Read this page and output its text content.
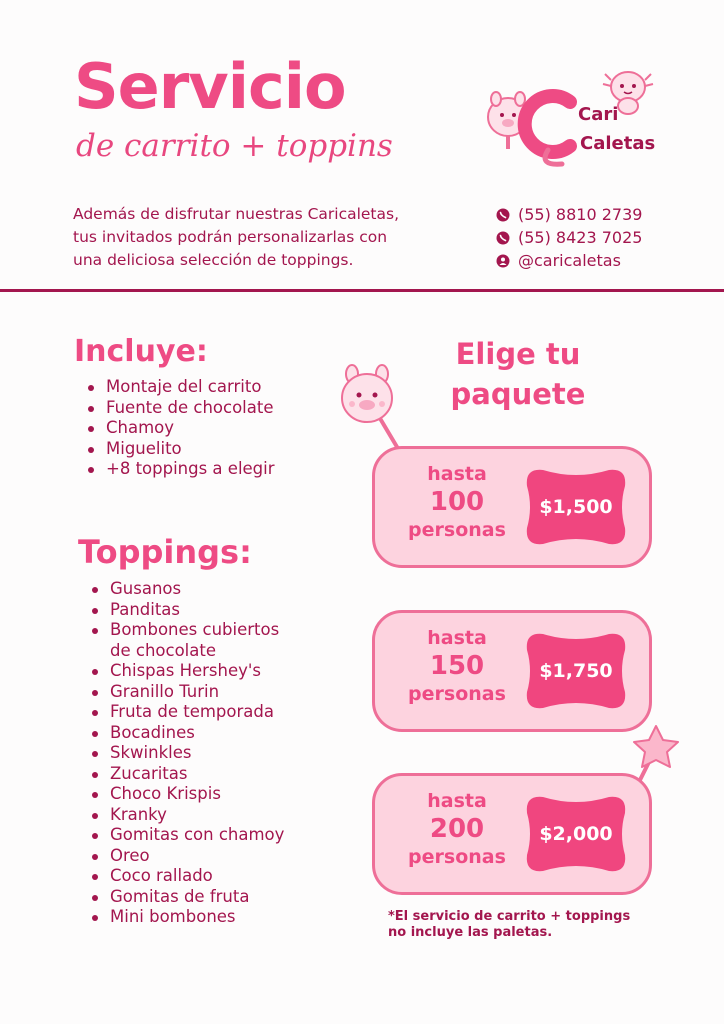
Servicio
de carrito + toppins
Además de disfrutar nuestras Caricaletas,
tus invitados podrán personalizarlas con
una deliciosa selección de toppings.
Cari
Caletas
(55) 8810 2739
(55) 8423 7025
@caricaletas
Incluye:
Montaje del carrito
Fuente de chocolate
Chamoy
Miguelito
+8 toppings a elegir
Toppings:
Gusanos
Panditas
Bombones cubiertos
de chocolate
Chispas Hershey's
Granillo Turin
Fruta de temporada
Bocadines
Skwinkles
Zucaritas
Choco Krispis
Kranky
Gomitas con chamoy
Oreo
Coco rallado
Gomitas de fruta
Mini bombones
Elige tu
paquete
hasta
100
personas
$1,500
hasta
150
personas
$1,750
hasta
200
personas
$2,000
*El servicio de carrito + toppings
no incluye las paletas.
